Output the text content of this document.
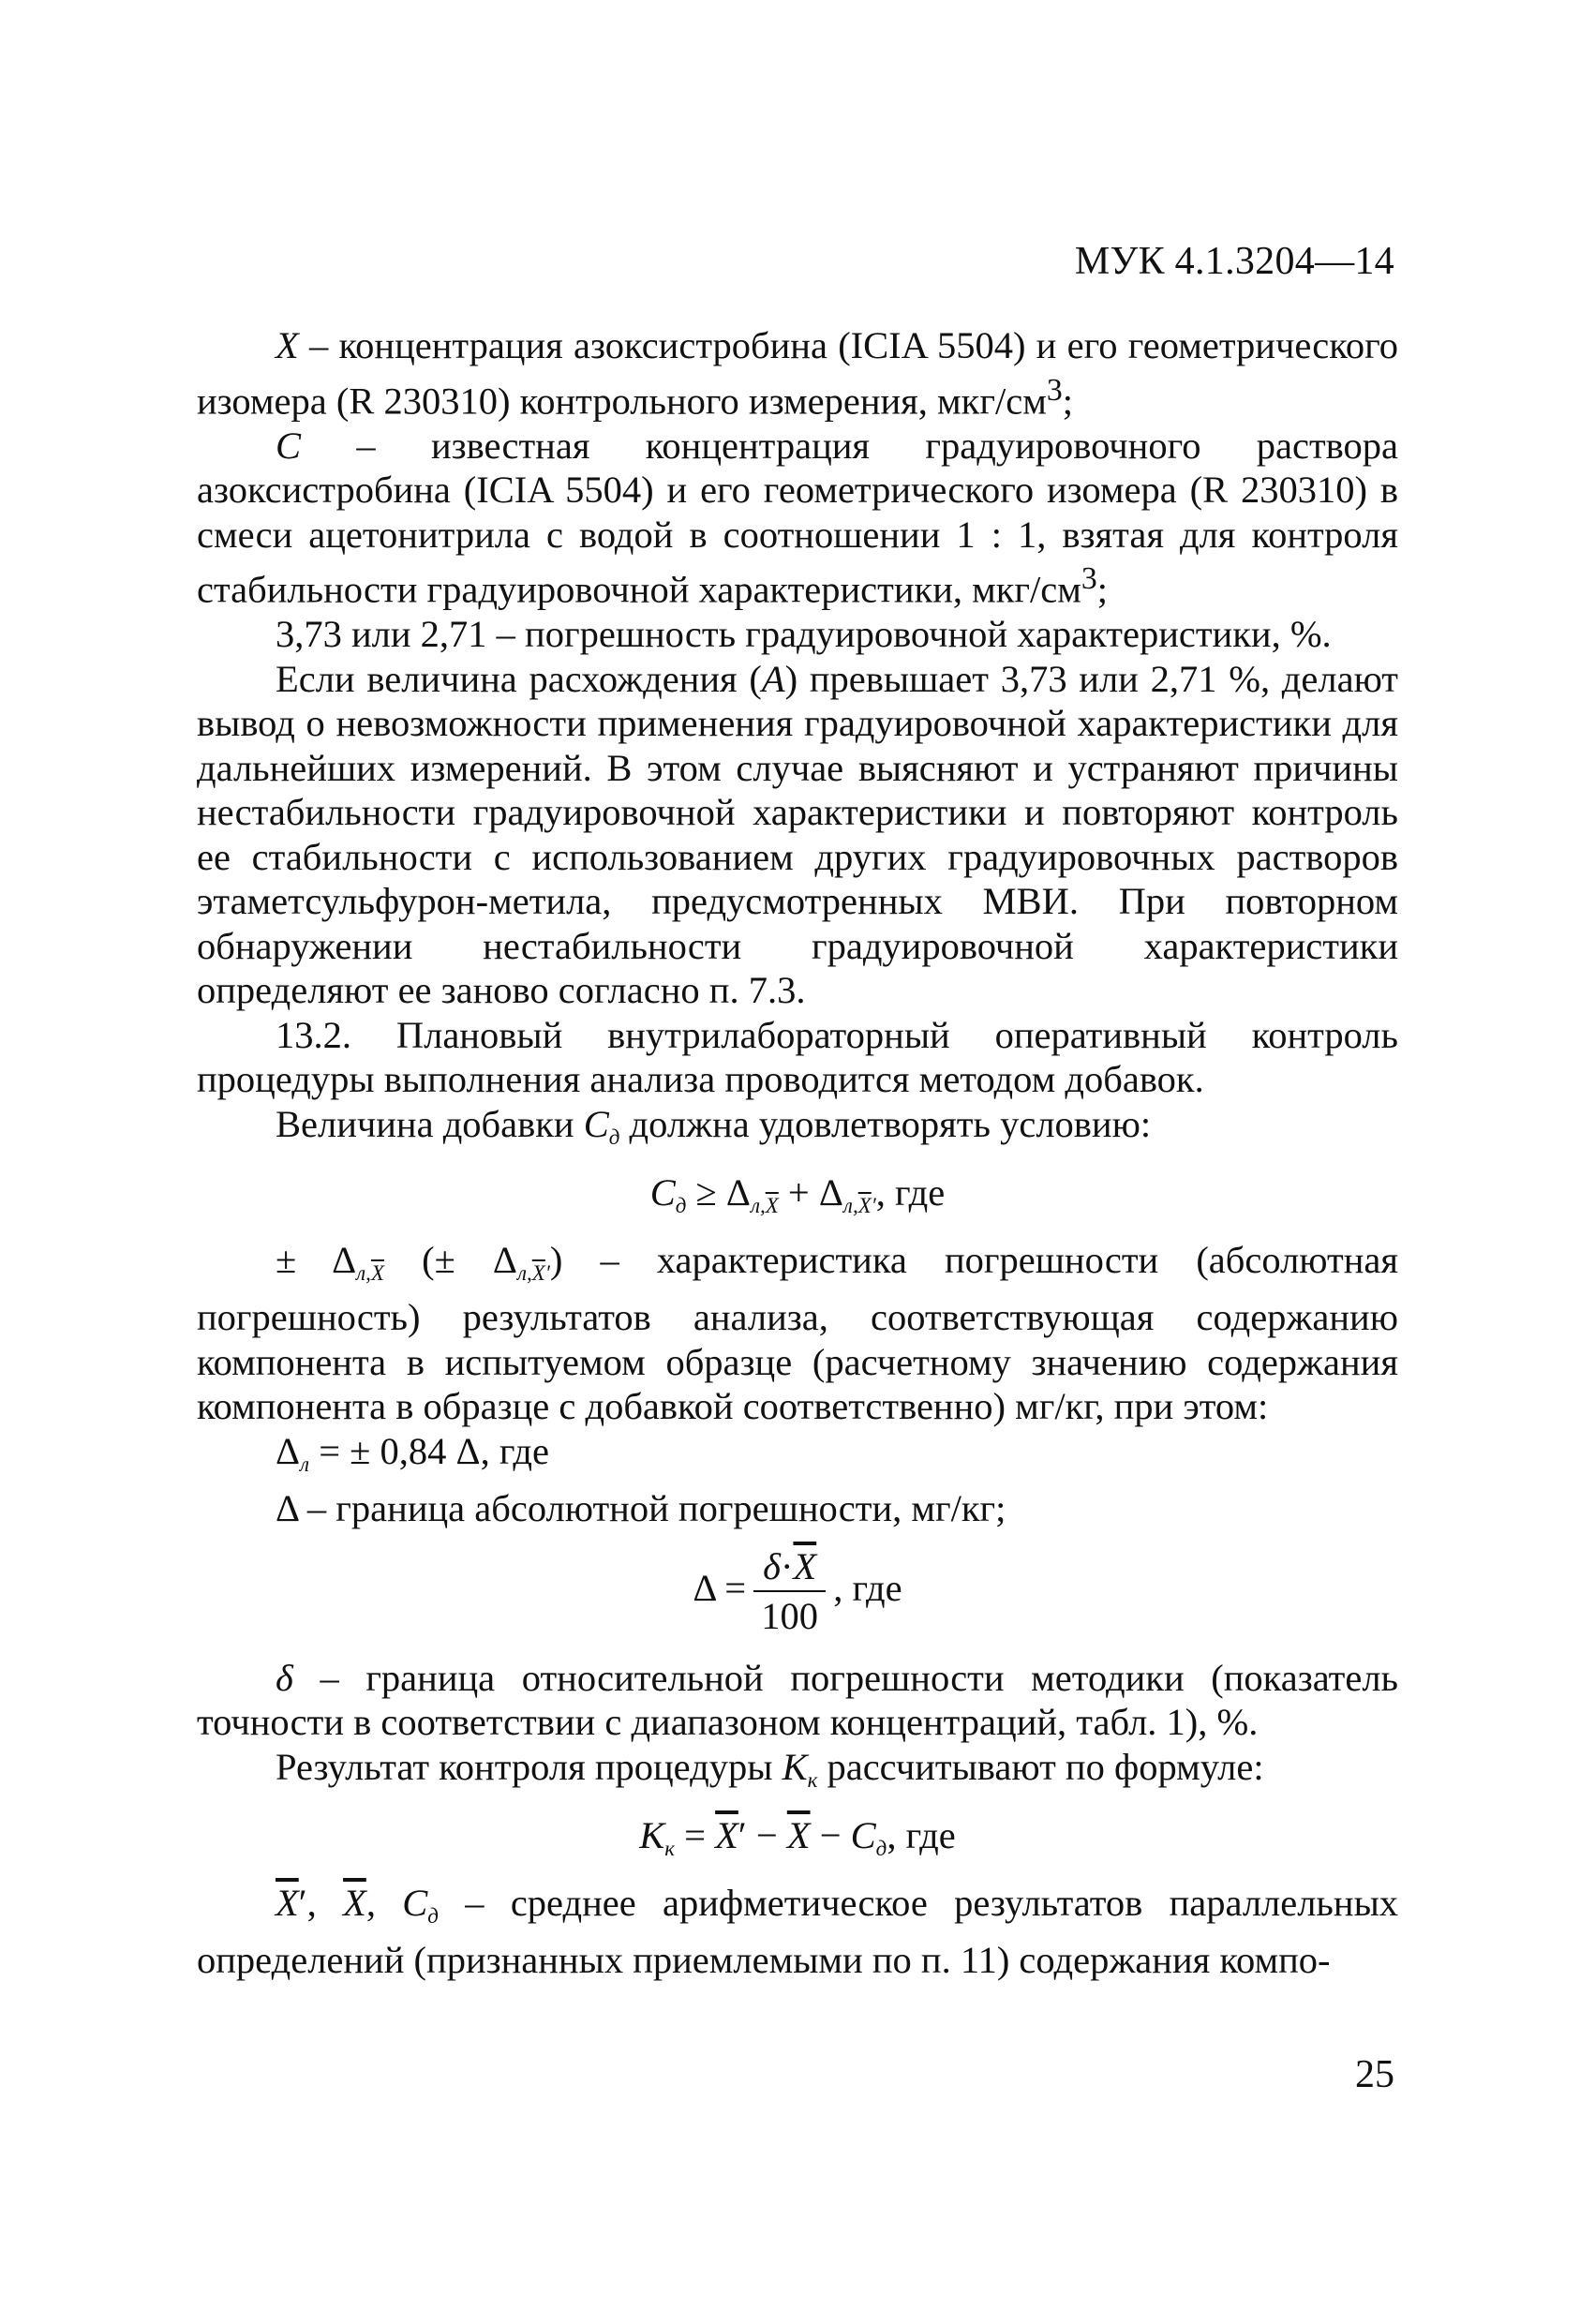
МУК 4.1.3204—14

X – концентрация азоксистробина (ICIA 5504) и его геометрического изомера (R 230310) контрольного измерения, мкг/$см^3$;

C – известная концентрация градуировочного раствора азоксистробина (ICIA 5504) и его геометрического изомера (R 230310) в смеси ацетонитрила с водой в соотношении 1 : 1, взятая для контроля стабильности градуировочной характеристики, мкг/$см^3$;

3,73 или 2,71 – погрешность градуировочной характеристики, %.

Если величина расхождения (A) превышает 3,73 или 2,71 %, делают вывод о невозможности применения градуировочной характеристики для дальнейших измерений. В этом случае выясняют и устраняют причины нестабильности градуировочной характеристики и повторяют контроль ее стабильности с использованием других градуировочных растворов этаметсульфурон-метила, предусмотренных МВИ. При повторном обнаружении нестабильности градуировочной характеристики определяют ее заново согласно п. 7.3.

13.2. Плановый внутрилабораторный оперативный контроль процедуры выполнения анализа проводится методом добавок.

Величина добавки $C_д$ должна удовлетворять условию:

$C_д \ge \Delta_{л,\overline{X}} + \Delta_{л,\overline{X}'}$, где

± $\Delta_{л,\overline{X}}$ (± $\Delta_{л,\overline{X}'}$) – характеристика погрешности (абсолютная погрешность) результатов анализа, соответствующая содержанию компонента в испытуемом образце (расчетному значению содержания компонента в образце с добавкой соответственно) мг/кг, при этом:

$\Delta_л$ = ± 0,84 Δ, где

Δ – граница абсолютной погрешности, мг/кг;

$\Delta = \frac{\delta\cdot\overline{X}}{100}$ , где

δ – граница относительной погрешности методики (показатель точности в соответствии с диапазоном концентраций, табл. 1), %.

Результат контроля процедуры $K_к$ рассчитывают по формуле:

$K_к = \overline{X}' - \overline{X} - C_д$, где

$\overline{X}'$, $\overline{X}$, $C_д$ – среднее арифметическое результатов параллельных определений (признанных приемлемыми по п. 11) содержания компо-

25
